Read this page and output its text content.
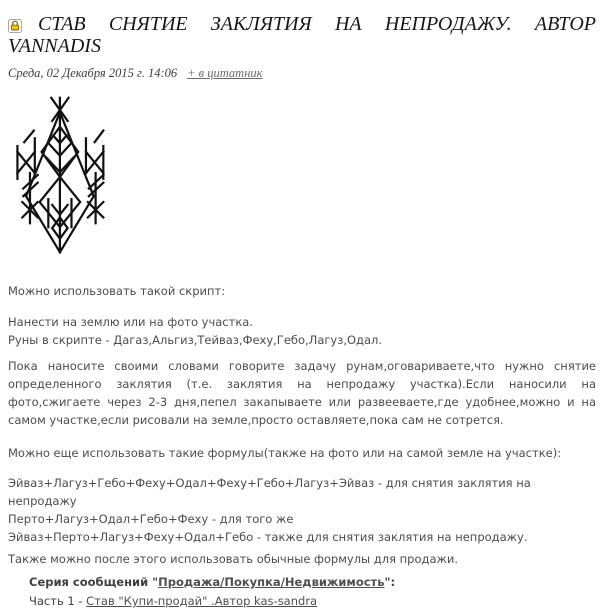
СТАВ СНЯТИЕ ЗАКЛЯТИЯ НА НЕПРОДАЖУ. АВТОР
VANNADIS
Среда, 02 Декабря 2015 г. 14:06 + в цитатник

Можно использовать такой скрипт:

Нанести на землю или на фото участка.
Руны в скрипте - Дагаз,Альгиз,Тейваз,Феху,Гебо,Лагуз,Одал.

Пока наносите своими словами говорите задачу рунам,оговариваете,что нужно снятие определенного заклятия (т.е. заклятия на непродажу участка).Если наносили на фото,сжигаете через 2-3 дня,пепел закапываете или развееваете,где удобнее,можно и на самом участке,если рисовали на земле,просто оставляете,пока сам не сотрется.

Можно еще использовать такие формулы(также на фото или на самой земле на участке):

Эйваз+Лагуз+Гебо+Феху+Одал+Феху+Гебо+Лагуз+Эйваз - для снятия заклятия на непродажу
Перто+Лагуз+Одал+Гебо+Феху - для того же
Эйваз+Перто+Лагуз+Феху+Одал+Гебо - также для снятия заклятия на непродажу.

Также можно после этого использовать обычные формулы для продажи.

Серия сообщений "Продажа/Покупка/Недвижимость":
Часть 1 - Став "Купи-продай" .Автор kas-sandra
